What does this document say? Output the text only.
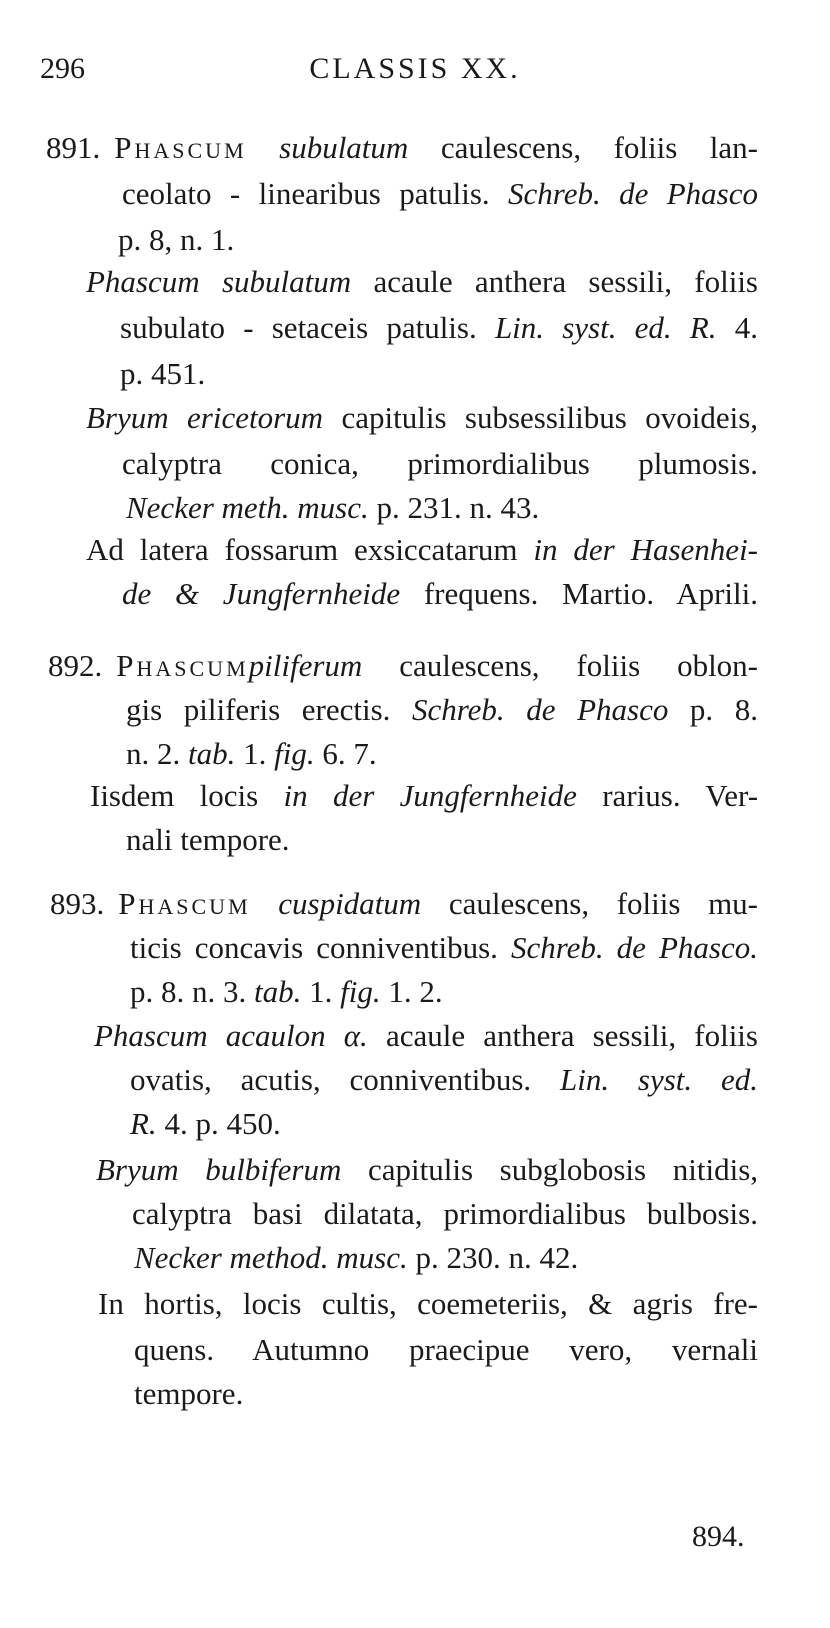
296	CLASSIS XX.
891. Phascum subulatum caulescens, foliis lan-
ceolato - linearibus patulis. Schreb. de Phasco
p. 8, n. 1.
Phascum subulatum acaule anthera sessili, foliis
subulato - setaceis patulis. Lin. syst. ed. R. 4.
p. 451.
Bryum ericetorum capitulis subsessilibus ovoideis,
calyptra conica, primordialibus plumosis.
Necker meth. musc. p. 231. n. 43.
Ad latera fossarum exsiccatarum in der Hasenhei-
de & Jungfernheide frequens. Martio. Aprili.
892. Phascumpiliferum caulescens, foliis oblon-
gis piliferis erectis. Schreb. de Phasco p. 8.
n. 2. tab. 1. fig. 6. 7.
Iisdem locis in der Jungfernheide rarius. Ver-
nali tempore.
893. Phascum cuspidatum caulescens, foliis mu-
ticis concavis conniventibus. Schreb. de Phasco.
p. 8. n. 3. tab. 1. fig. 1. 2.
Phascum acaulon α. acaule anthera sessili, foliis
ovatis, acutis, conniventibus. Lin. syst. ed.
R. 4. p. 450.
Bryum bulbiferum capitulis subglobosis nitidis,
calyptra basi dilatata, primordialibus bulbosis.
Necker method. musc. p. 230. n. 42.
In hortis, locis cultis, coemeteriis, & agris fre-
quens. Autumno praecipue vero, vernali
tempore.
894.
